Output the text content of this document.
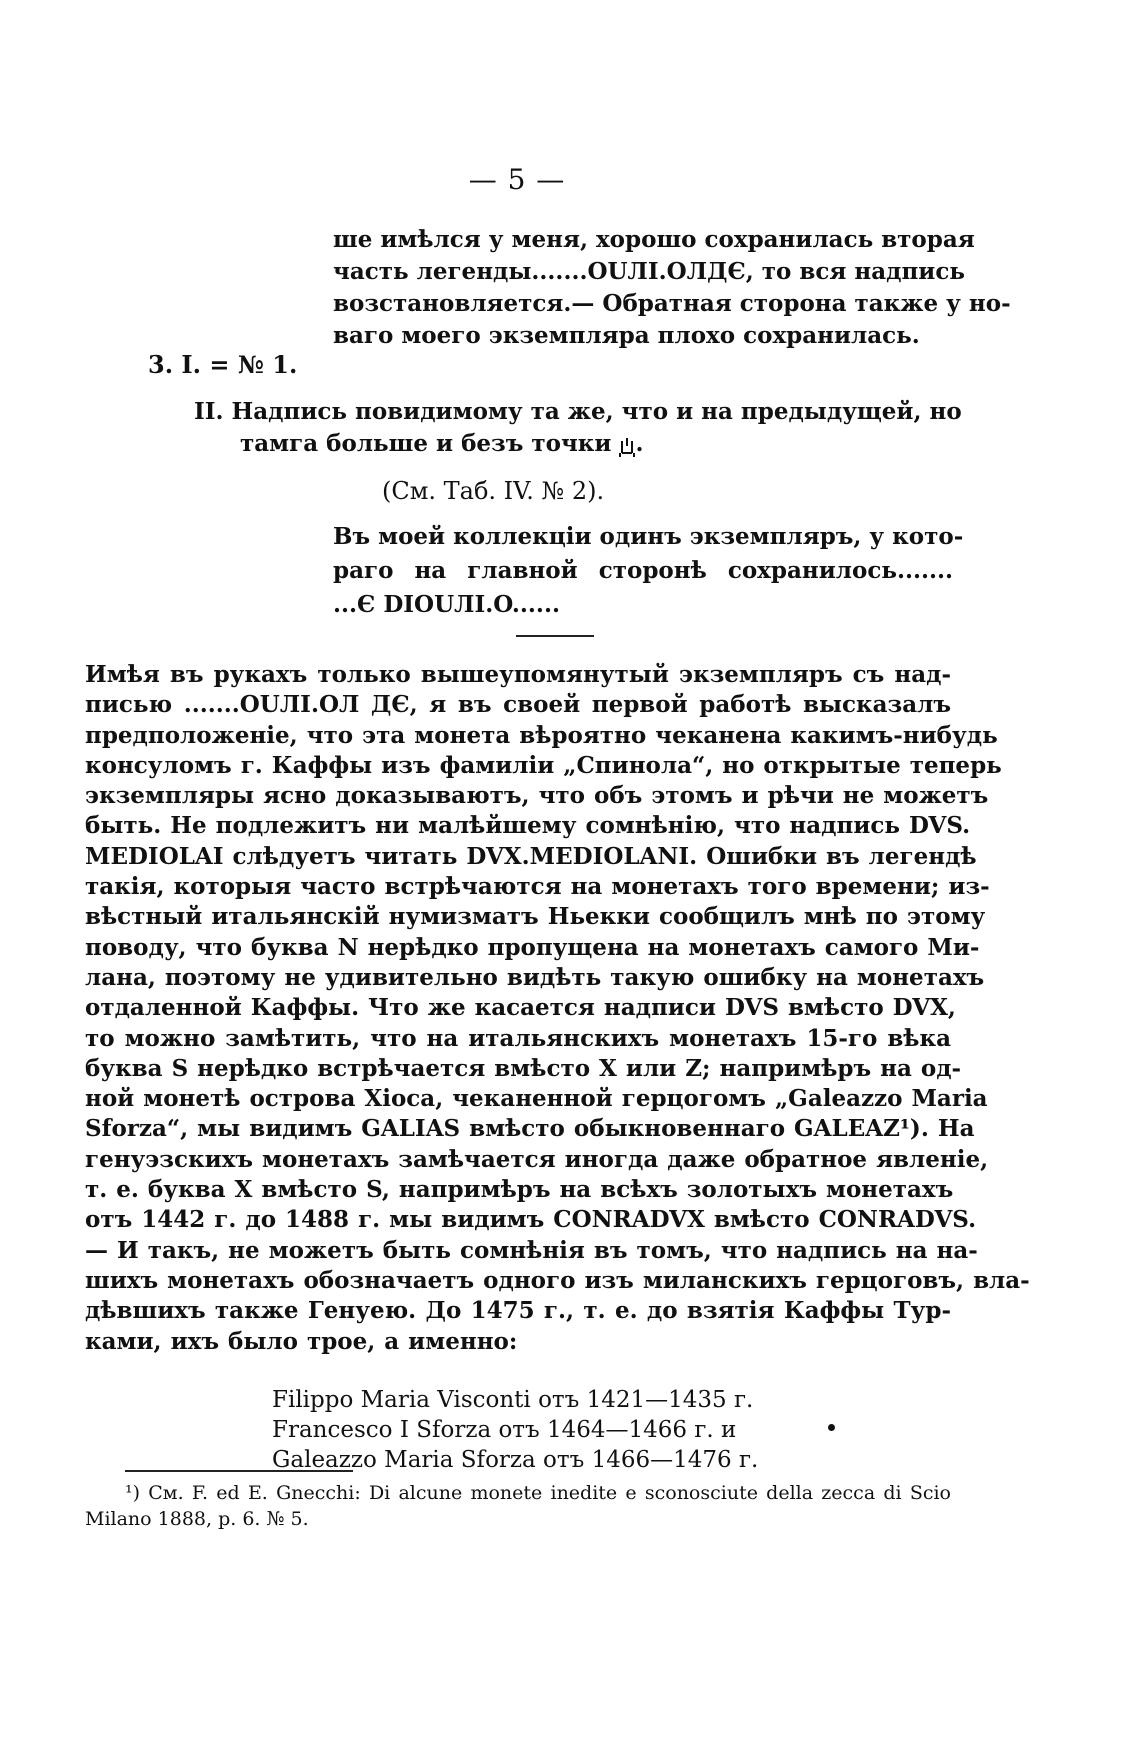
— 5 —
ше имѣлся у меня, хорошо сохранилась вторая
часть легенды.......OUЛI.OЛДЄ, то вся надпись
возстановляется.— Обратная сторона также у но-
ваго моего экземпляра плохо сохранилась.
3. I. = № 1.
II. Надпись повидимому та же, что и на предыдущей, но
тамга больше и безъ точки .
(См. Таб. IV. № 2).
Въ моей коллекцiи одинъ экземпляръ, у кото-
раго на главной сторонѣ сохранилось.......
...Є DIOUЛI.O......
Имѣя въ рукахъ только вышеупомянутый экземпляръ съ над-
писью .......OUЛI.OЛ ДЄ, я въ своей первой работѣ высказалъ
предположенiе, что эта монета вѣроятно чеканена какимъ-нибудь
консуломъ г. Каффы изъ фамилiи „Спинола“, но открытые теперь
экземпляры ясно доказываютъ, что объ этомъ и рѣчи не можетъ
быть. Не подлежитъ ни малѣйшему сомнѣнiю, что надпись DVS.
MEDIOLAI слѣдуетъ читать DVX.MEDIOLANI. Ошибки въ легендѣ
такiя, которыя часто встрѣчаются на монетахъ того времени; из-
вѣстный итальянскiй нумизматъ Ньекки сообщилъ мнѣ по этому
поводу, что буква N нерѣдко пропущена на монетахъ самого Ми-
лана, поэтому не удивительно видѣть такую ошибку на монетахъ
отдаленной Каффы. Что же касается надписи DVS вмѣсто DVX,
то можно замѣтить, что на итальянскихъ монетахъ 15-го вѣка
буква S нерѣдко встрѣчается вмѣсто X или Z; напримѣръ на од-
ной монетѣ острова Хiоса, чеканенной герцогомъ „Galeazzo Maria
Sforza“, мы видимъ GALIAS вмѣсто обыкновеннаго GALEAZ¹). На
генуэзскихъ монетахъ замѣчается иногда даже обратное явленiе,
т. е. буква X вмѣсто S, напримѣръ на всѣхъ золотыхъ монетахъ
отъ 1442 г. до 1488 г. мы видимъ CONRADVX вмѣсто CONRADVS.
— И такъ, не можетъ быть сомнѣнiя въ томъ, что надпись на на-
шихъ монетахъ обозначаетъ одного изъ миланскихъ герцоговъ, вла-
дѣвшихъ также Генуею. До 1475 г., т. е. до взятiя Каффы Тур-
ками, ихъ было трое, а именно:
Filippo Maria Visconti отъ 1421—1435 г.
Francesco I Sforza отъ 1464—1466 г. и
Galeazzo Maria Sforza отъ 1466—1476 г.
¹) См. F. ed E. Gnecchi: Di alcune monete inedite e sconosciute della zecca di Scio
Milano 1888, p. 6. № 5.
